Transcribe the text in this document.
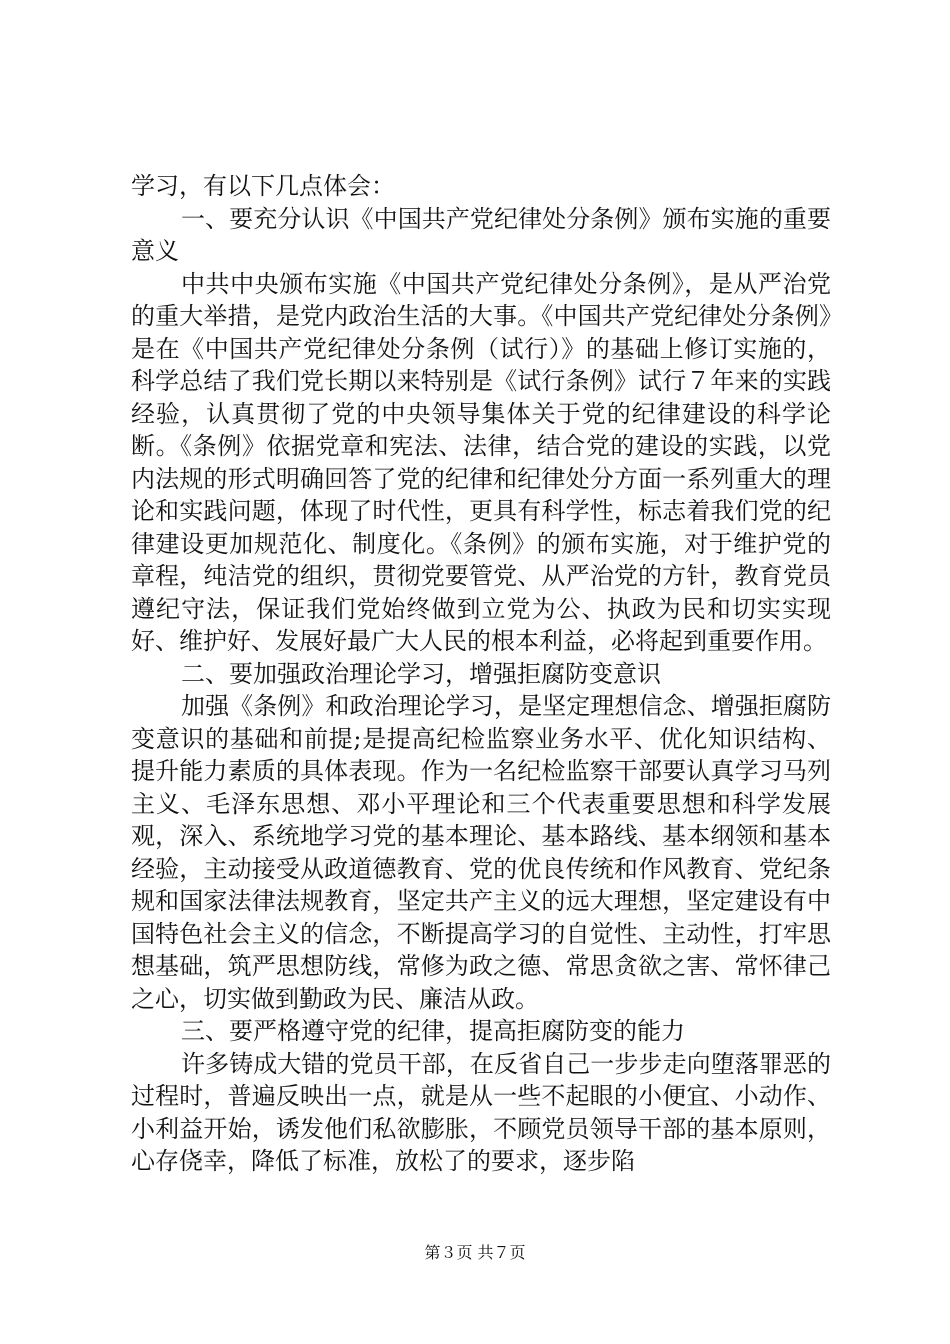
学习，有以下几点体会：

一、要充分认识《中国共产党纪律处分条例》颁布实施的重要意义

中共中央颁布实施《中国共产党纪律处分条例》，是从严治党的重大举措，是党内政治生活的大事。《中国共产党纪律处分条例》是在《中国共产党纪律处分条例（试行）》的基础上修订实施的，科学总结了我们党长期以来特别是《试行条例》试行７年来的实践经验，认真贯彻了党的中央领导集体关于党的纪律建设的科学论断。《条例》依据党章和宪法、法律，结合党的建设的实践，以党内法规的形式明确回答了党的纪律和纪律处分方面一系列重大的理论和实践问题，体现了时代性，更具有科学性，标志着我们党的纪律建设更加规范化、制度化。《条例》的颁布实施，对于维护党的章程，纯洁党的组织，贯彻党要管党、从严治党的方针，教育党员遵纪守法，保证我们党始终做到立党为公、执政为民和切实实现好、维护好、发展好最广大人民的根本利益，必将起到重要作用。

二、要加强政治理论学习，增强拒腐防变意识

加强《条例》和政治理论学习，是坚定理想信念、增强拒腐防变意识的基础和前提;是提高纪检监察业务水平、优化知识结构、提升能力素质的具体表现。作为一名纪检监察干部要认真学习马列主义、毛泽东思想、邓小平理论和三个代表重要思想和科学发展观，深入、系统地学习党的基本理论、基本路线、基本纲领和基本经验，主动接受从政道德教育、党的优良传统和作风教育、党纪条规和国家法律法规教育，坚定共产主义的远大理想，坚定建设有中国特色社会主义的信念，不断提高学习的自觉性、主动性，打牢思想基础，筑严思想防线，常修为政之德、常思贪欲之害、常怀律己之心，切实做到勤政为民、廉洁从政。

三、要严格遵守党的纪律，提高拒腐防变的能力

许多铸成大错的党员干部，在反省自己一步步走向堕落罪恶的过程时，普遍反映出一点，就是从一些不起眼的小便宜、小动作、小利益开始，诱发他们私欲膨胀，不顾党员领导干部的基本原则，心存侥幸，降低了标准，放松了的要求，逐步陷

第３页 共７页
